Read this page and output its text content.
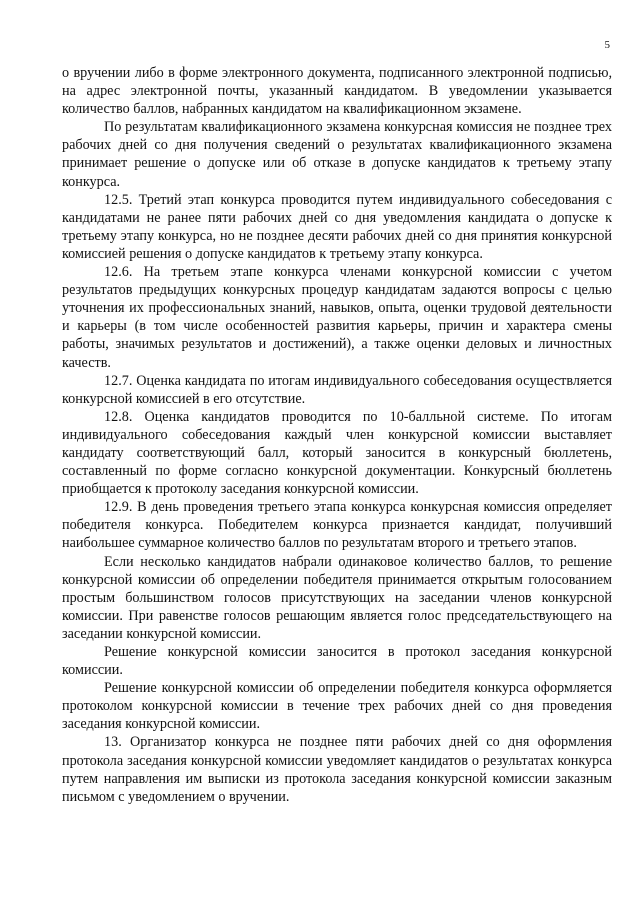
5

о вручении либо в форме электронного документа, подписанного электронной подписью, на адрес электронной почты, указанный кандидатом. В уведомлении указывается количество баллов, набранных кандидатом на квалификационном экзамене.

По результатам квалификационного экзамена конкурсная комиссия не позднее трех рабочих дней со дня получения сведений о результатах квалификационного экзамена принимает решение о допуске или об отказе в допуске кандидатов к третьему этапу конкурса.

12.5. Третий этап конкурса проводится путем индивидуального собеседования с кандидатами не ранее пяти рабочих дней со дня уведомления кандидата о допуске к третьему этапу конкурса, но не позднее десяти рабочих дней со дня принятия конкурсной комиссией решения о допуске кандидатов к третьему этапу конкурса.

12.6. На третьем этапе конкурса членами конкурсной комиссии с учетом результатов предыдущих конкурсных процедур кандидатам задаются вопросы с целью уточнения их профессиональных знаний, навыков, опыта, оценки трудовой деятельности и карьеры (в том числе особенностей развития карьеры, причин и характера смены работы, значимых результатов и достижений), а также оценки деловых и личностных качеств.

12.7. Оценка кандидата по итогам индивидуального собеседования осуществляется конкурсной комиссией в его отсутствие.

12.8. Оценка кандидатов проводится по 10-балльной системе. По итогам индивидуального собеседования каждый член конкурсной комиссии выставляет кандидату соответствующий балл, который заносится в конкурсный бюллетень, составленный по форме согласно конкурсной документации. Конкурсный бюллетень приобщается к протоколу заседания конкурсной комиссии.

12.9. В день проведения третьего этапа конкурса конкурсная комиссия определяет победителя конкурса. Победителем конкурса признается кандидат, получивший наибольшее суммарное количество баллов по результатам второго и третьего этапов.

Если несколько кандидатов набрали одинаковое количество баллов, то решение конкурсной комиссии об определении победителя принимается открытым голосованием простым большинством голосов присутствующих на заседании членов конкурсной комиссии. При равенстве голосов решающим является голос председательствующего на заседании конкурсной комиссии.

Решение конкурсной комиссии заносится в протокол заседания конкурсной комиссии.

Решение конкурсной комиссии об определении победителя конкурса оформляется протоколом конкурсной комиссии в течение трех рабочих дней со дня проведения заседания конкурсной комиссии.

13. Организатор конкурса не позднее пяти рабочих дней со дня оформления протокола заседания конкурсной комиссии уведомляет кандидатов о результатах конкурса путем направления им выписки из протокола заседания конкурсной комиссии заказным письмом с уведомлением о вручении.
